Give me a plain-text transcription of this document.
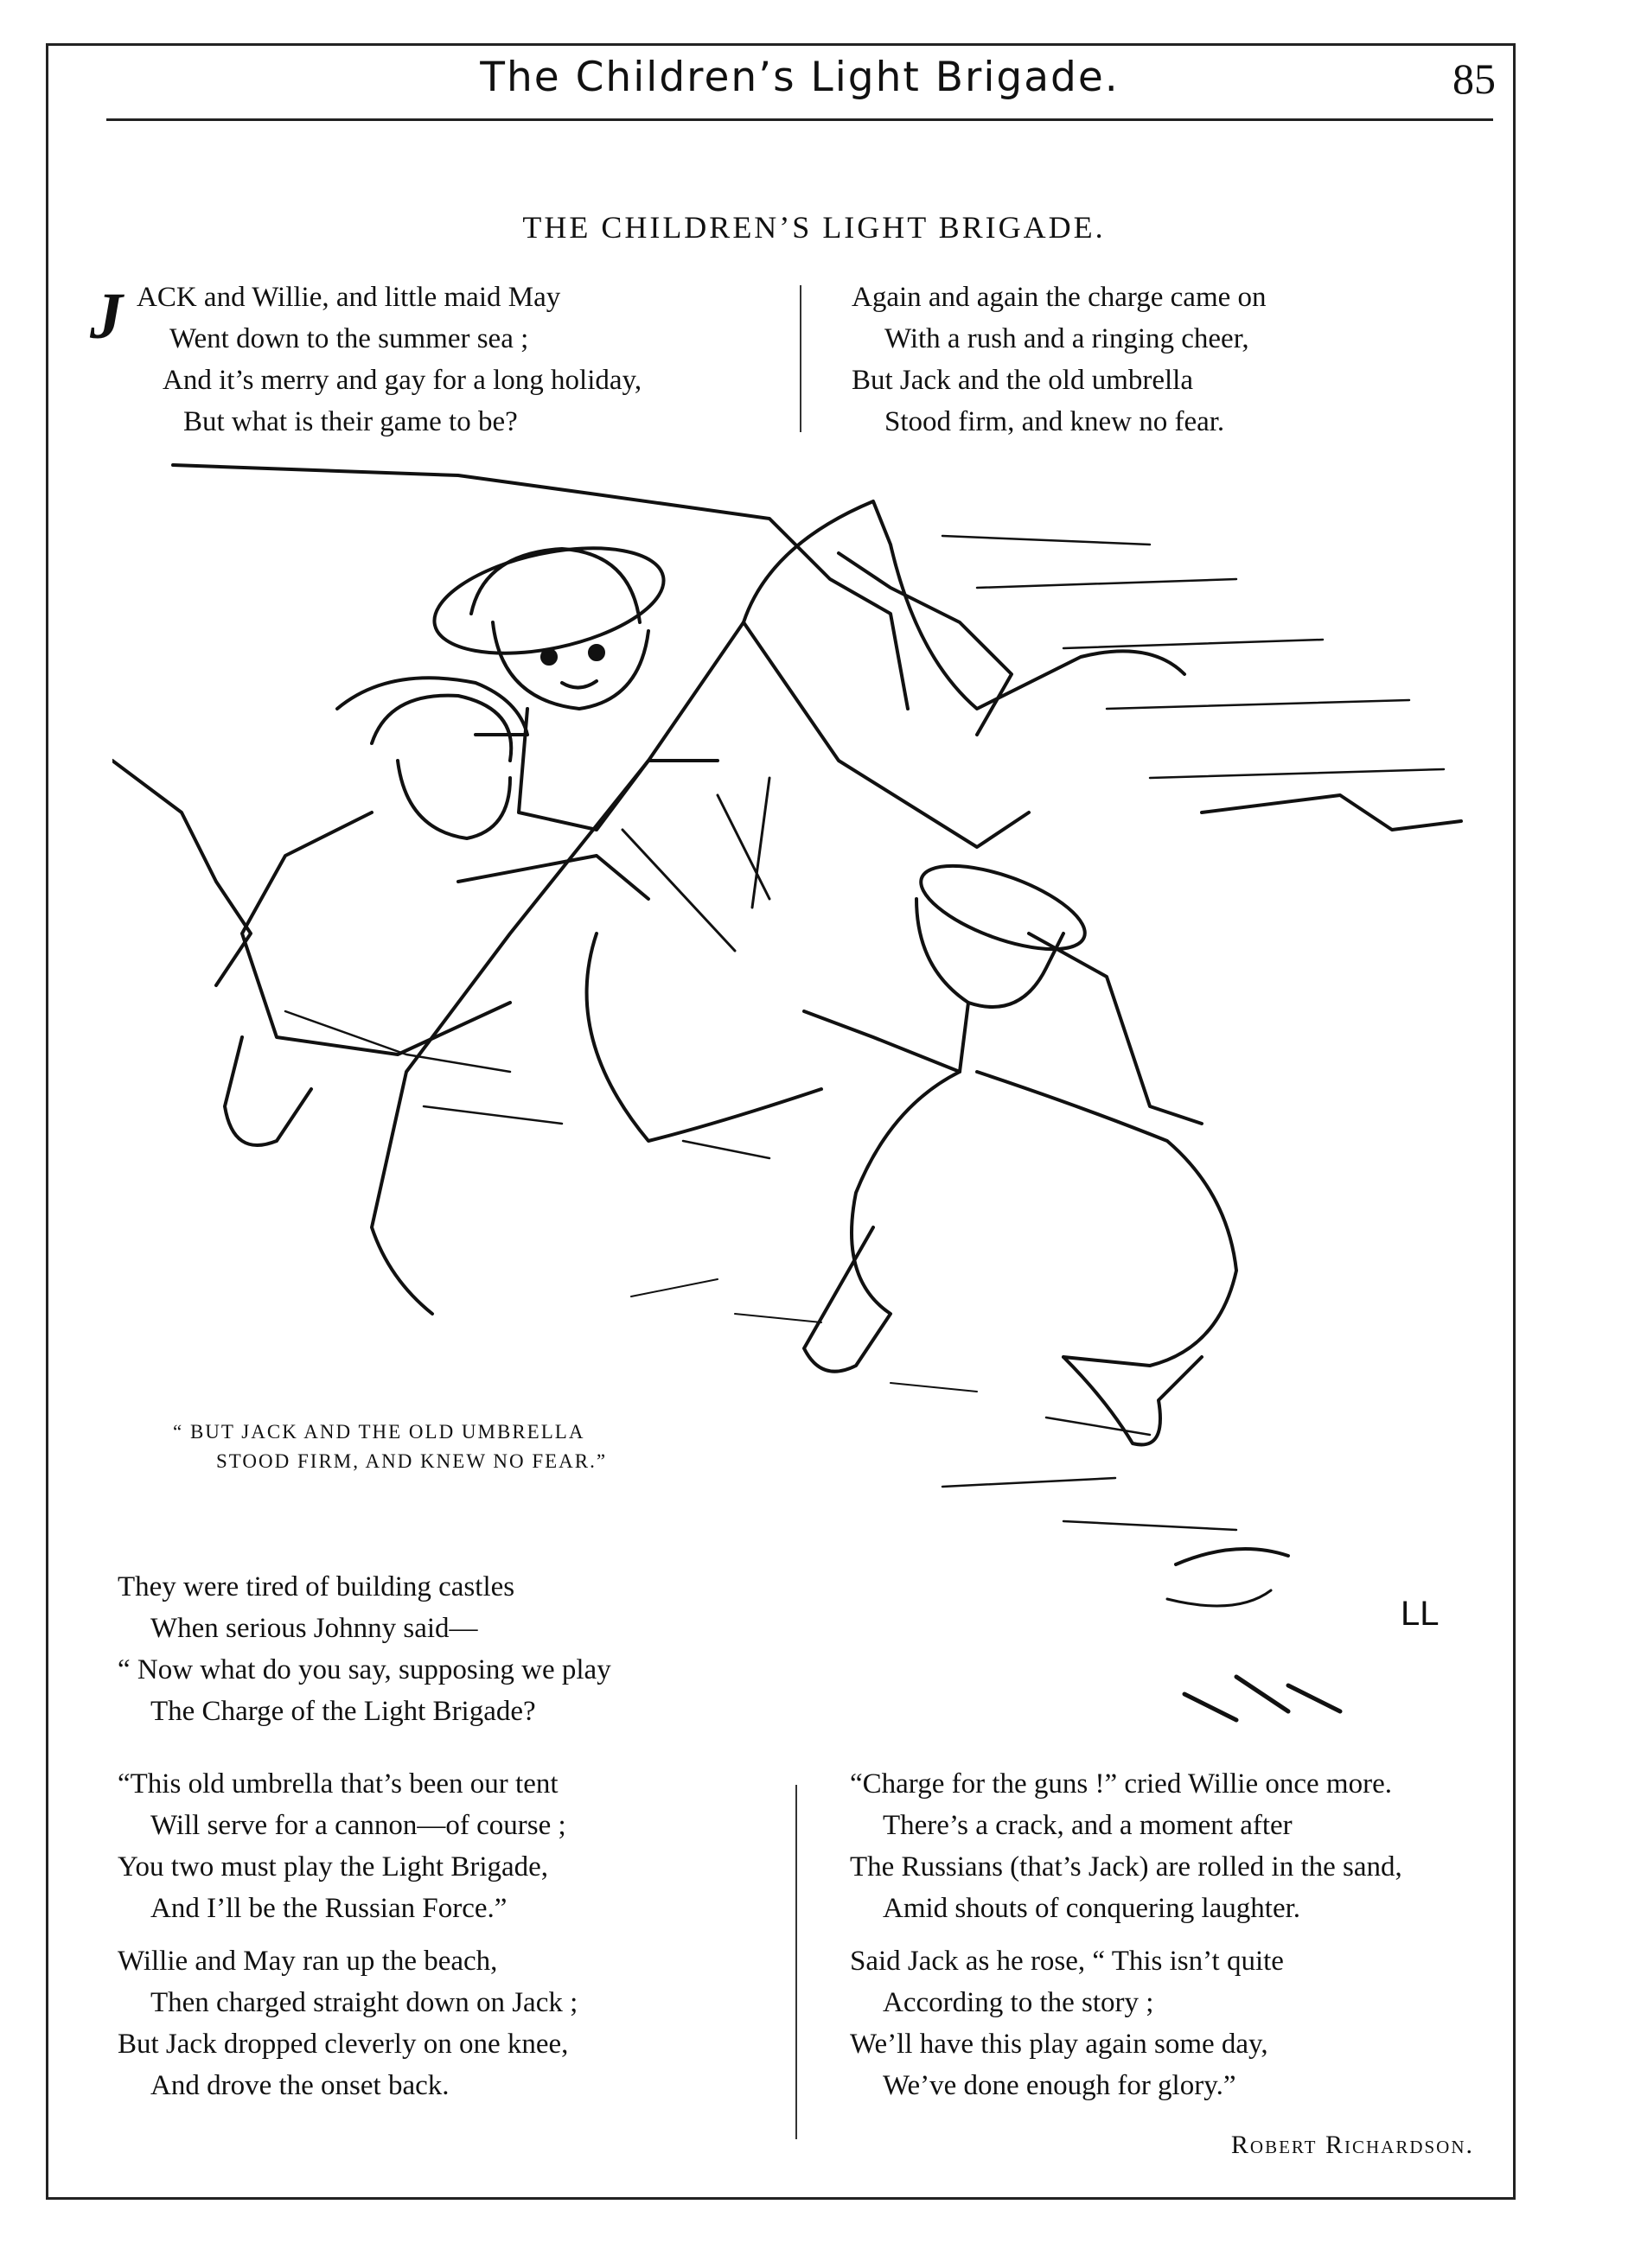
The Children’s Light Brigade.	85
THE CHILDREN’S LIGHT BRIGADE.
J ACK and Willie, and little maid May
Went down to the summer sea ;
And it’s merry and gay for a long holiday,
But what is their game to be?
Again and again the charge came on
With a rush and a ringing cheer,
But Jack and the old umbrella
Stood firm, and knew no fear.
LL
“ BUT JACK AND THE OLD UMBRELLA
STOOD FIRM, AND KNEW NO FEAR.”
They were tired of building castles
When serious Johnny said—
“ Now what do you say, supposing we play
The Charge of the Light Brigade?
“This old umbrella that’s been our tent
Will serve for a cannon—of course ;
You two must play the Light Brigade,
And I’ll be the Russian Force.”
Willie and May ran up the beach,
Then charged straight down on Jack ;
But Jack dropped cleverly on one knee,
And drove the onset back.
“Charge for the guns !” cried Willie once more.
There’s a crack, and a moment after
The Russians (that’s Jack) are rolled in the sand,
Amid shouts of conquering laughter.
Said Jack as he rose, “ This isn’t quite
According to the story ;
We’ll have this play again some day,
We’ve done enough for glory.”
Robert Richardson.
